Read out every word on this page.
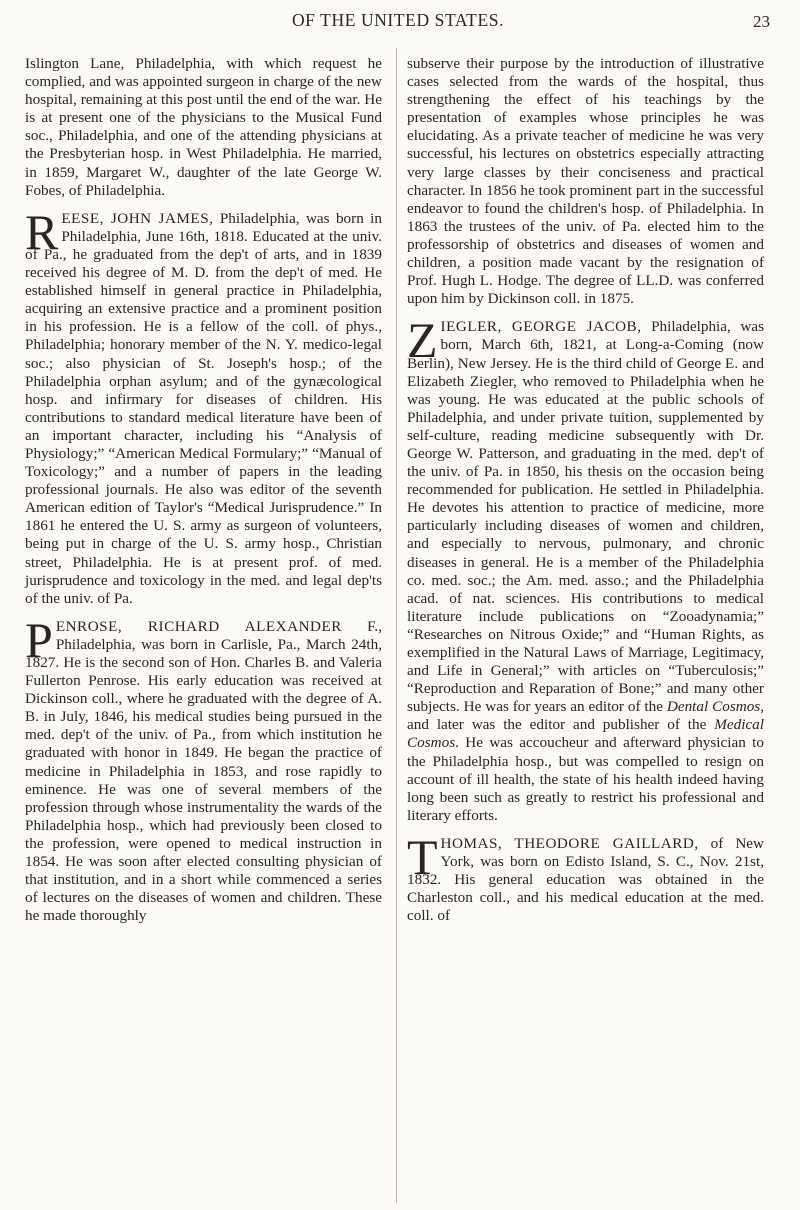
OF THE UNITED STATES.	23

Islington Lane, Philadelphia, with which request he complied, and was appointed surgeon in charge of the new hospital, remaining at this post until the end of the war. He is at present one of the physicians to the Musical Fund soc., Philadelphia, and one of the attending physicians at the Presbyterian hosp. in West Philadelphia. He married, in 1859, Margaret W., daughter of the late George W. Fobes, of Philadelphia.

REESE, JOHN JAMES, Philadelphia, was born in Philadelphia, June 16th, 1818. Educated at the univ. of Pa., he graduated from the dep't of arts, and in 1839 received his degree of M. D. from the dep't of med. He established himself in general practice in Philadelphia, acquiring an extensive practice and a prominent position in his profession. He is a fellow of the coll. of phys., Philadelphia; honorary member of the N. Y. medico-legal soc.; also physician of St. Joseph's hosp.; of the Philadelphia orphan asylum; and of the gynæcological hosp. and infirmary for diseases of children. His contributions to standard medical literature have been of an important character, including his “Analysis of Physiology;” “American Medical Formulary;” “Manual of Toxicology;” and a number of papers in the leading professional journals. He also was editor of the seventh American edition of Taylor's “Medical Jurisprudence.” In 1861 he entered the U. S. army as surgeon of volunteers, being put in charge of the U. S. army hosp., Christian street, Philadelphia. He is at present prof. of med. jurisprudence and toxicology in the med. and legal dep'ts of the univ. of Pa.

PENROSE, RICHARD ALEXANDER F., Philadelphia, was born in Carlisle, Pa., March 24th, 1827. He is the second son of Hon. Charles B. and Valeria Fullerton Penrose. His early education was received at Dickinson coll., where he graduated with the degree of A. B. in July, 1846, his medical studies being pursued in the med. dep't of the univ. of Pa., from which institution he graduated with honor in 1849. He began the practice of medicine in Philadelphia in 1853, and rose rapidly to eminence. He was one of several members of the profession through whose instrumentality the wards of the Philadelphia hosp., which had previously been closed to the profession, were opened to medical instruction in 1854. He was soon after elected consulting physician of that institution, and in a short while commenced a series of lectures on the diseases of women and children. These he made thoroughly

subserve their purpose by the introduction of illustrative cases selected from the wards of the hospital, thus strengthening the effect of his teachings by the presentation of examples whose principles he was elucidating. As a private teacher of medicine he was very successful, his lectures on obstetrics especially attracting very large classes by their conciseness and practical character. In 1856 he took prominent part in the successful endeavor to found the children's hosp. of Philadelphia. In 1863 the trustees of the univ. of Pa. elected him to the professorship of obstetrics and diseases of women and children, a position made vacant by the resignation of Prof. Hugh L. Hodge. The degree of LL.D. was conferred upon him by Dickinson coll. in 1875.

ZIEGLER, GEORGE JACOB, Philadelphia, was born, March 6th, 1821, at Long-a-Coming (now Berlin), New Jersey. He is the third child of George E. and Elizabeth Ziegler, who removed to Philadelphia when he was young. He was educated at the public schools of Philadelphia, and under private tuition, supplemented by self-culture, reading medicine subsequently with Dr. George W. Patterson, and graduating in the med. dep't of the univ. of Pa. in 1850, his thesis on the occasion being recommended for publication. He settled in Philadelphia. He devotes his attention to practice of medicine, more particularly including diseases of women and children, and especially to nervous, pulmonary, and chronic diseases in general. He is a member of the Philadelphia co. med. soc.; the Am. med. asso.; and the Philadelphia acad. of nat. sciences. His contributions to medical literature include publications on “Zooadynamia;” “Researches on Nitrous Oxide;” and “Human Rights, as exemplified in the Natural Laws of Marriage, Legitimacy, and Life in General;” with articles on “Tuberculosis;” “Reproduction and Reparation of Bone;” and many other subjects. He was for years an editor of the Dental Cosmos, and later was the editor and publisher of the Medical Cosmos. He was accoucheur and afterward physician to the Philadelphia hosp., but was compelled to resign on account of ill health, the state of his health indeed having long been such as greatly to restrict his professional and literary efforts.

THOMAS, THEODORE GAILLARD, of New York, was born on Edisto Island, S. C., Nov. 21st, 1832. His general education was obtained in the Charleston coll., and his medical education at the med. coll. of
